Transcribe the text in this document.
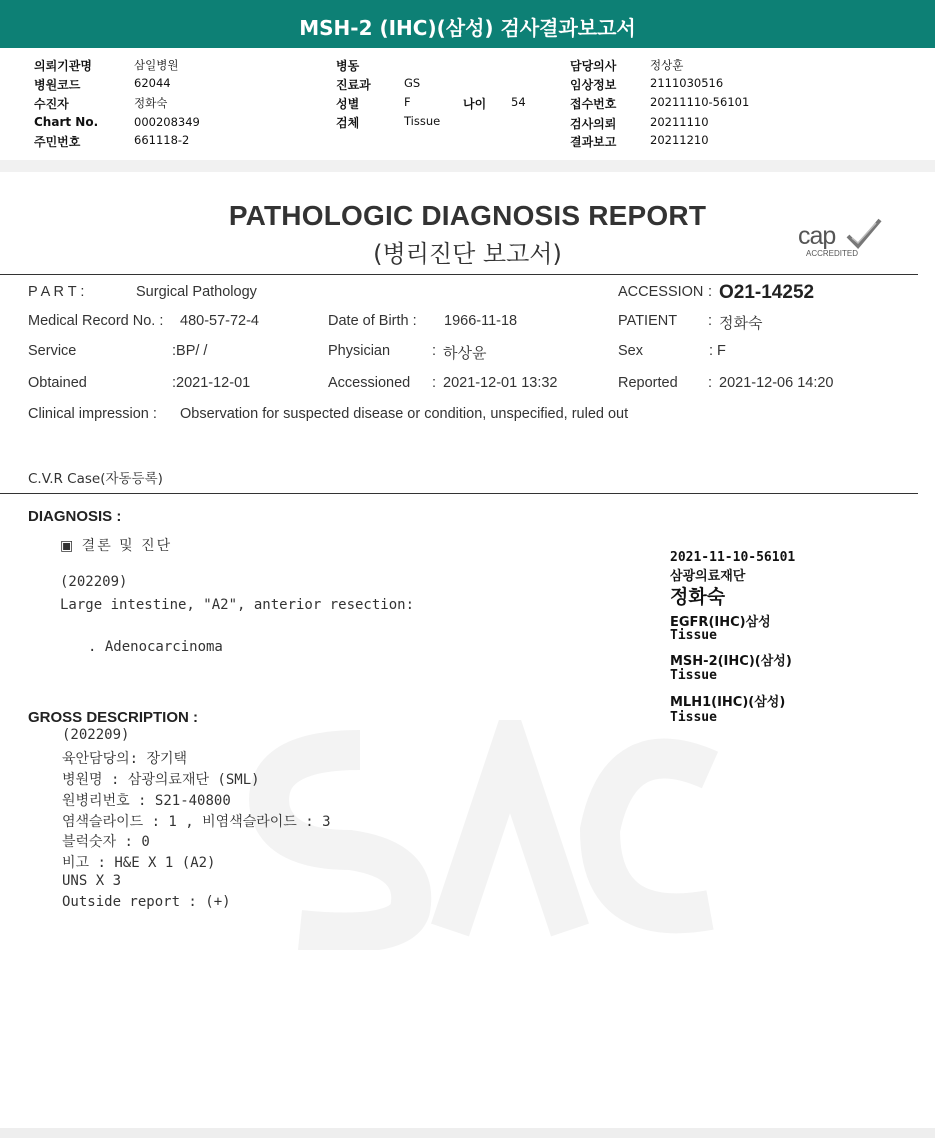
MSH-2 (IHC)(삼성) 검사결과보고서
의뢰기관명	삼일병원
병원코드	62044
수진자	정화숙
Chart No.	000208349
주민번호	661118-2
병동
진료과	GS
성별	F
검체	Tissue
나이 54
담당의사	정상훈
임상정보	2111030516
접수번호	20211110-56101
검사의뢰	20211110
결과보고	20211210
PATHOLOGIC DIAGNOSIS REPORT
(병리진단 보고서)
cap
ACCREDITED
P A R T :	Surgical Pathology	ACCESSION : O21-14252
Medical Record No. : 480-57-72-4	Date of Birth : 1966-11-18	PATIENT : 정화숙
Service	:BP/ /	Physician	: 하상윤	Sex	: F
Obtained	:2021-12-01	Accessioned : 2021-12-01 13:32	Reported : 2021-12-06 14:20
Clinical impression : Observation for suspected disease or condition, unspecified, ruled out
C.V.R Case(자동등록)
DIAGNOSIS :
▣ 결론 및 진단
(202209)
Large intestine, "A2", anterior resection:
. Adenocarcinoma
2021-11-10-56101
삼광의료재단
정화숙
EGFR(IHC)삼성
Tissue
MSH-2(IHC)(삼성)
Tissue
MLH1(IHC)(삼성)
Tissue
GROSS DESCRIPTION :
(202209)
육안담당의: 장기택
병원명 : 삼광의료재단 (SML)
원병리번호 : S21-40800
염색슬라이드 : 1 , 비염색슬라이드 : 3
블럭숫자 : 0
비고 : H&E X 1 (A2)
UNS X 3
Outside report : (+)
